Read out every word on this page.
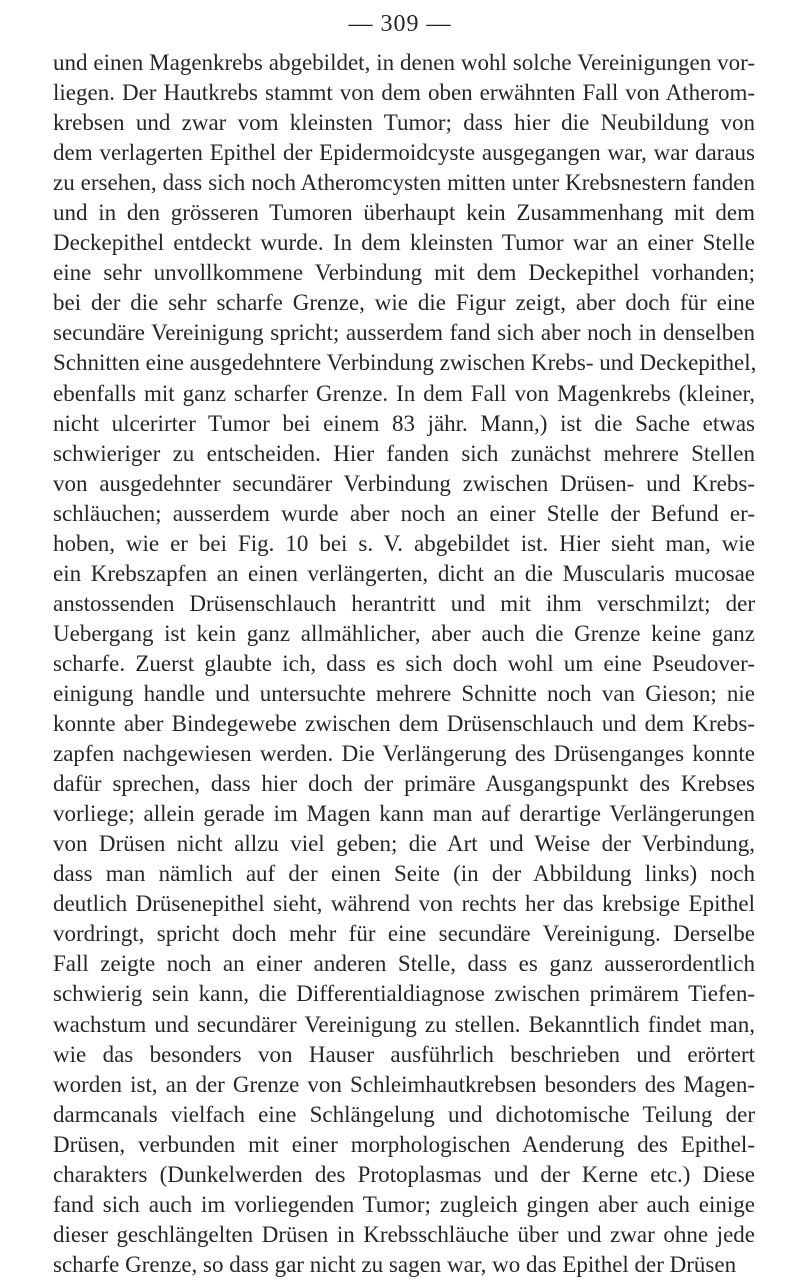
— 309 —
und einen Magenkrebs abgebildet, in denen wohl solche Vereinigungen vor-
liegen. Der Hautkrebs stammt von dem oben erwähnten Fall von Atherom-
krebsen und zwar vom kleinsten Tumor; dass hier die Neubildung von
dem verlagerten Epithel der Epidermoidcyste ausgegangen war, war daraus
zu ersehen, dass sich noch Atheromcysten mitten unter Krebsnestern fanden
und in den grösseren Tumoren überhaupt kein Zusammenhang mit dem
Deckepithel entdeckt wurde. In dem kleinsten Tumor war an einer Stelle
eine sehr unvollkommene Verbindung mit dem Deckepithel vorhanden;
bei der die sehr scharfe Grenze, wie die Figur zeigt, aber doch für eine
secundäre Vereinigung spricht; ausserdem fand sich aber noch in denselben
Schnitten eine ausgedehntere Verbindung zwischen Krebs- und Deckepithel,
ebenfalls mit ganz scharfer Grenze. In dem Fall von Magenkrebs (kleiner,
nicht ulcerirter Tumor bei einem 83 jähr. Mann,) ist die Sache etwas
schwieriger zu entscheiden. Hier fanden sich zunächst mehrere Stellen
von ausgedehnter secundärer Verbindung zwischen Drüsen- und Krebs-
schläuchen; ausserdem wurde aber noch an einer Stelle der Befund er-
hoben, wie er bei Fig. 10 bei s. V. abgebildet ist. Hier sieht man, wie
ein Krebszapfen an einen verlängerten, dicht an die Muscularis mucosae
anstossenden Drüsenschlauch herantritt und mit ihm verschmilzt; der
Uebergang ist kein ganz allmählicher, aber auch die Grenze keine ganz
scharfe. Zuerst glaubte ich, dass es sich doch wohl um eine Pseudover-
einigung handle und untersuchte mehrere Schnitte noch van Gieson; nie
konnte aber Bindegewebe zwischen dem Drüsenschlauch und dem Krebs-
zapfen nachgewiesen werden. Die Verlängerung des Drüsenganges konnte
dafür sprechen, dass hier doch der primäre Ausgangspunkt des Krebses
vorliege; allein gerade im Magen kann man auf derartige Verlängerungen
von Drüsen nicht allzu viel geben; die Art und Weise der Verbindung,
dass man nämlich auf der einen Seite (in der Abbildung links) noch
deutlich Drüsenepithel sieht, während von rechts her das krebsige Epithel
vordringt, spricht doch mehr für eine secundäre Vereinigung. Derselbe
Fall zeigte noch an einer anderen Stelle, dass es ganz ausserordentlich
schwierig sein kann, die Differentialdiagnose zwischen primärem Tiefen-
wachstum und secundärer Vereinigung zu stellen. Bekanntlich findet man,
wie das besonders von Hauser ausführlich beschrieben und erörtert
worden ist, an der Grenze von Schleimhautkrebsen besonders des Magen-
darmcanals vielfach eine Schlängelung und dichotomische Teilung der
Drüsen, verbunden mit einer morphologischen Aenderung des Epithel-
charakters (Dunkelwerden des Protoplasmas und der Kerne etc.) Diese
fand sich auch im vorliegenden Tumor; zugleich gingen aber auch einige
dieser geschlängelten Drüsen in Krebsschläuche über und zwar ohne jede
scharfe Grenze, so dass gar nicht zu sagen war, wo das Epithel der Drüsen
